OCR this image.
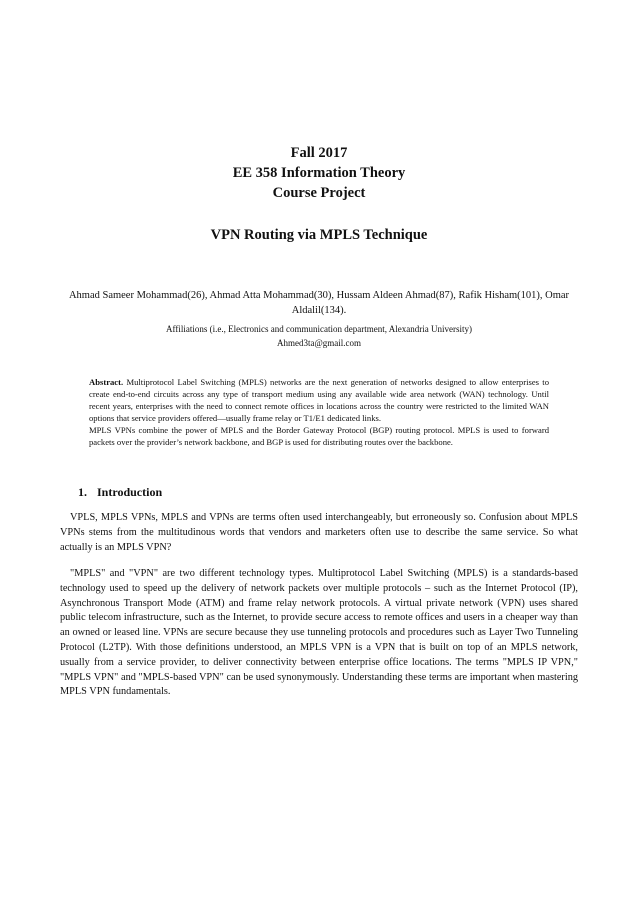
Fall 2017
EE 358 Information Theory
Course Project
VPN Routing via MPLS Technique
Ahmad Sameer Mohammad(26), Ahmad Atta Mohammad(30), Hussam Aldeen Ahmad(87), Rafik Hisham(101), Omar Aldalil(134).
Affiliations (i.e., Electronics and communication department, Alexandria University)
Ahmed3ta@gmail.com

Abstract. Multiprotocol Label Switching (MPLS) networks are the next generation of networks designed to allow enterprises to create end-to-end circuits across any type of transport medium using any available wide area network (WAN) technology. Until recent years, enterprises with the need to connect remote offices in locations across the country were restricted to the limited WAN options that service providers offered—usually frame relay or T1/E1 dedicated links.

MPLS VPNs combine the power of MPLS and the Border Gateway Protocol (BGP) routing protocol. MPLS is used to forward packets over the provider’s network backbone, and BGP is used for distributing routes over the backbone.

1. Introduction

VPLS, MPLS VPNs, MPLS and VPNs are terms often used interchangeably, but erroneously so. Confusion about MPLS VPNs stems from the multitudinous words that vendors and marketers often use to describe the same service. So what actually is an MPLS VPN?

"MPLS" and "VPN" are two different technology types. Multiprotocol Label Switching (MPLS) is a standards-based technology used to speed up the delivery of network packets over multiple protocols – such as the Internet Protocol (IP), Asynchronous Transport Mode (ATM) and frame relay network protocols. A virtual private network (VPN) uses shared public telecom infrastructure, such as the Internet, to provide secure access to remote offices and users in a cheaper way than an owned or leased line. VPNs are secure because they use tunneling protocols and procedures such as Layer Two Tunneling Protocol (L2TP). With those definitions understood, an MPLS VPN is a VPN that is built on top of an MPLS network, usually from a service provider, to deliver connectivity between enterprise office locations. The terms "MPLS IP VPN," "MPLS VPN" and "MPLS-based VPN" can be used synonymously. Understanding these terms are important when mastering MPLS VPN fundamentals.
